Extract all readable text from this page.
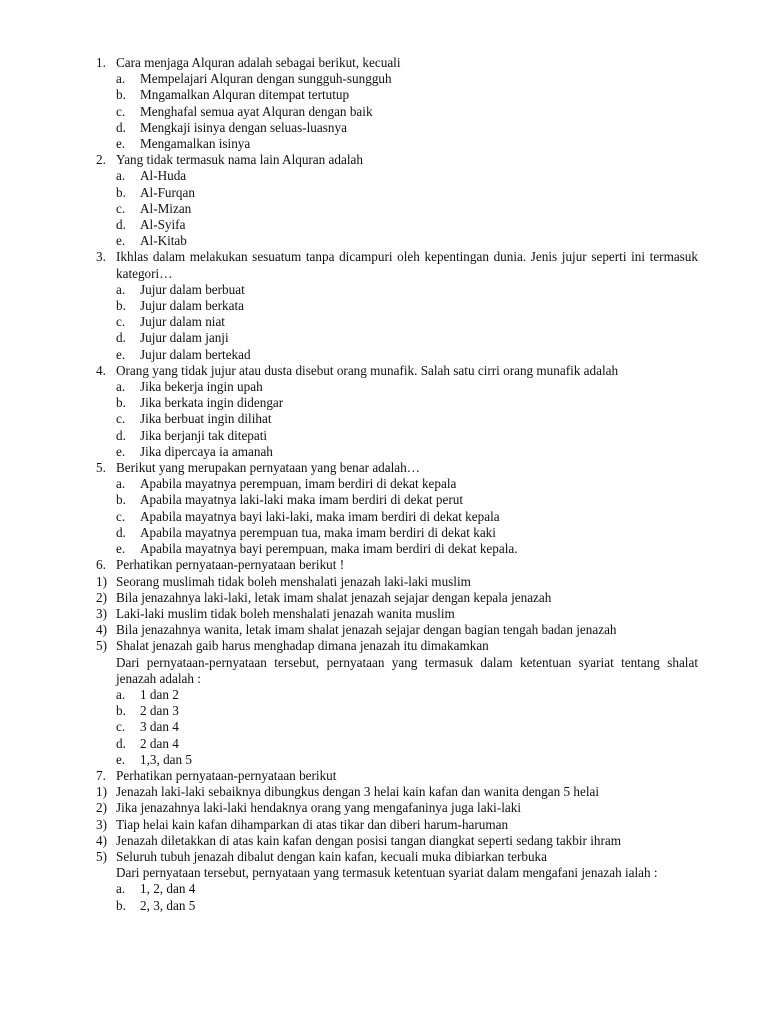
1. Cara menjaga Alquran adalah sebagai berikut, kecuali
a.	Mempelajari Alquran dengan sungguh-sungguh
b.	Mngamalkan Alquran ditempat tertutup
c.	Menghafal semua ayat Alquran dengan baik
d.	Mengkaji isinya dengan seluas-luasnya
e.	Mengamalkan isinya
2. Yang tidak termasuk nama lain Alquran adalah
a.	Al-Huda
b.	Al-Furqan
c.	Al-Mizan
d.	Al-Syifa
e.	Al-Kitab
3. Ikhlas dalam melakukan sesuatum tanpa dicampuri oleh kepentingan dunia. Jenis jujur seperti ini termasuk kategori…
a.	Jujur dalam berbuat
b.	Jujur dalam berkata
c.	Jujur dalam niat
d.	Jujur dalam janji
e.	Jujur dalam bertekad
4. Orang yang tidak jujur atau dusta disebut orang munafik. Salah satu cirri orang munafik adalah
a.	Jika bekerja ingin upah
b.	Jika berkata ingin didengar
c.	Jika berbuat ingin dilihat
d.	Jika berjanji tak ditepati
e.	Jika dipercaya ia amanah
5. Berikut yang merupakan pernyataan yang benar adalah…
a.	Apabila mayatnya perempuan, imam berdiri di dekat kepala
b.	Apabila mayatnya laki-laki maka imam berdiri di dekat perut
c.	Apabila mayatnya bayi laki-laki, maka imam berdiri di dekat kepala
d.	Apabila mayatnya perempuan tua, maka imam berdiri di dekat kaki
e.	Apabila mayatnya bayi perempuan, maka imam berdiri di dekat kepala.
6. Perhatikan pernyataan-pernyataan berikut !
1) Seorang muslimah tidak boleh menshalati jenazah laki-laki muslim
2) Bila jenazahnya laki-laki, letak imam shalat jenazah sejajar dengan kepala jenazah
3) Laki-laki muslim tidak boleh menshalati jenazah wanita muslim
4) Bila jenazahnya wanita, letak imam shalat jenazah sejajar dengan bagian tengah badan jenazah
5) Shalat jenazah gaib harus menghadap dimana jenazah itu dimakamkan
Dari pernyataan-pernyataan tersebut, pernyataan yang termasuk dalam ketentuan syariat tentang shalat jenazah adalah :
a.	1 dan 2
b.	2 dan 3
c.	3 dan 4
d.	2 dan 4
e.	1,3, dan 5
7. Perhatikan pernyataan-pernyataan berikut
1) Jenazah laki-laki sebaiknya dibungkus dengan 3 helai kain kafan dan wanita dengan 5 helai
2) Jika jenazahnya laki-laki hendaknya orang yang mengafaninya juga laki-laki
3) Tiap helai kain kafan dihamparkan di atas tikar dan diberi harum-haruman
4) Jenazah diletakkan di atas kain kafan dengan posisi tangan diangkat seperti sedang takbir ihram
5) Seluruh tubuh jenazah dibalut dengan kain kafan, kecuali muka dibiarkan terbuka
Dari pernyataan tersebut, pernyataan yang termasuk ketentuan syariat dalam mengafani jenazah ialah :
a.	1, 2, dan 4
b.	2, 3, dan 5
